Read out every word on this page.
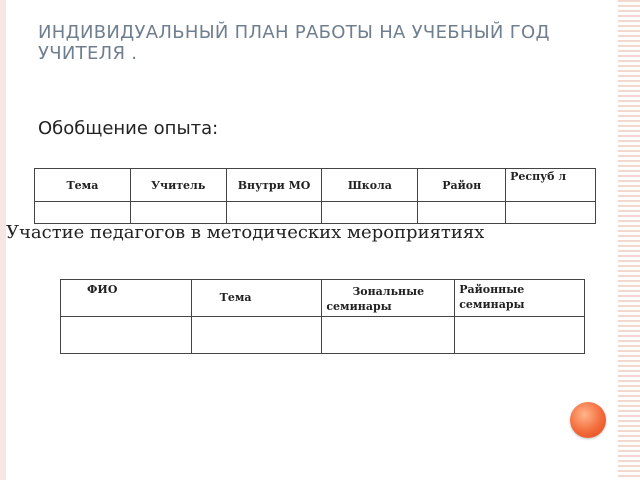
ИНДИВИДУАЛЬНЫЙ ПЛАН РАБОТЫ НА УЧЕБНЫЙ ГОД УЧИТЕЛЯ .
Обобщение опыта:
Тема	Учитель	Внутри МО	Школа	Район	Респуб л

Участие педагогов в методических мероприятиях
ФИО	Тема	Зональные семинары	Районные семинары
